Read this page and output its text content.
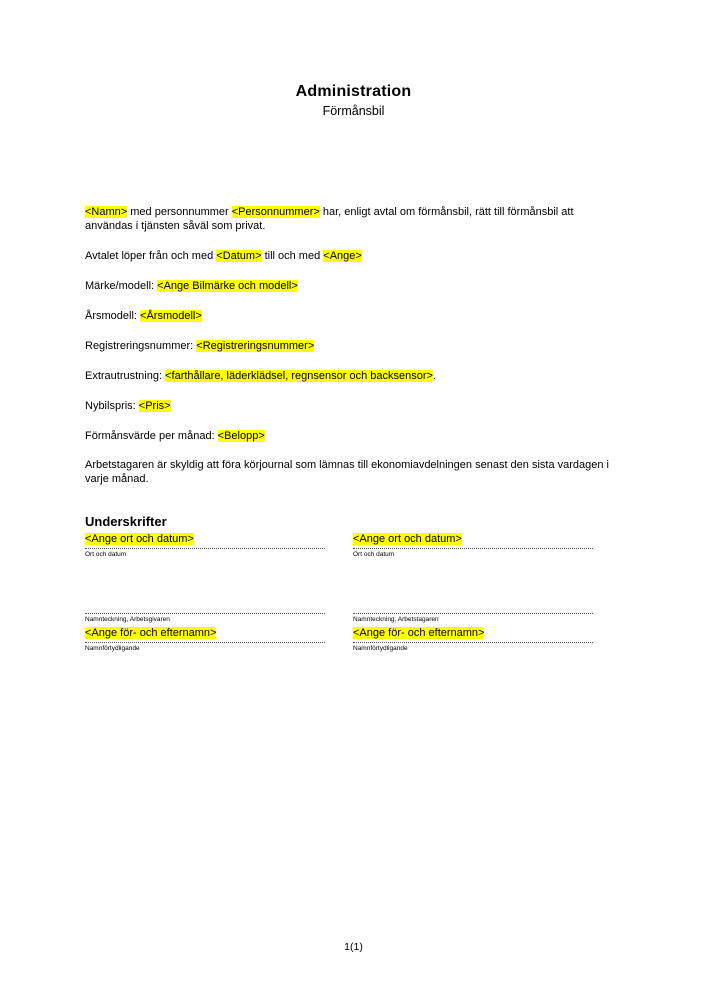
Administration
Förmånsbil

<Namn> med personnummer <Personnummer> har, enligt avtal om förmånsbil, rätt till förmånsbil att användas i tjänsten såväl som privat.

Avtalet löper från och med <Datum> till och med <Ange>

Märke/modell: <Ange Bilmärke och modell>

Årsmodell: <Årsmodell>

Registreringsnummer: <Registreringsnummer>

Extrautrustning: <farthållare, läderklädsel, regnsensor och backsensor>.

Nybilspris: <Pris>

Förmånsvärde per månad: <Belopp>

Arbetstagaren är skyldig att föra körjournal som lämnas till ekonomiavdelningen senast den sista vardagen i varje månad.

Underskrifter
<Ange ort och datum>
Ort och datum
<Ange ort och datum>
Ort och datum
Namnteckning, Arbetsgivaren
<Ange för- och efternamn>
Namnförtydligande
Namnteckning, Arbetstagaren
<Ange för- och efternamn>
Namnförtydligande
1(1)
